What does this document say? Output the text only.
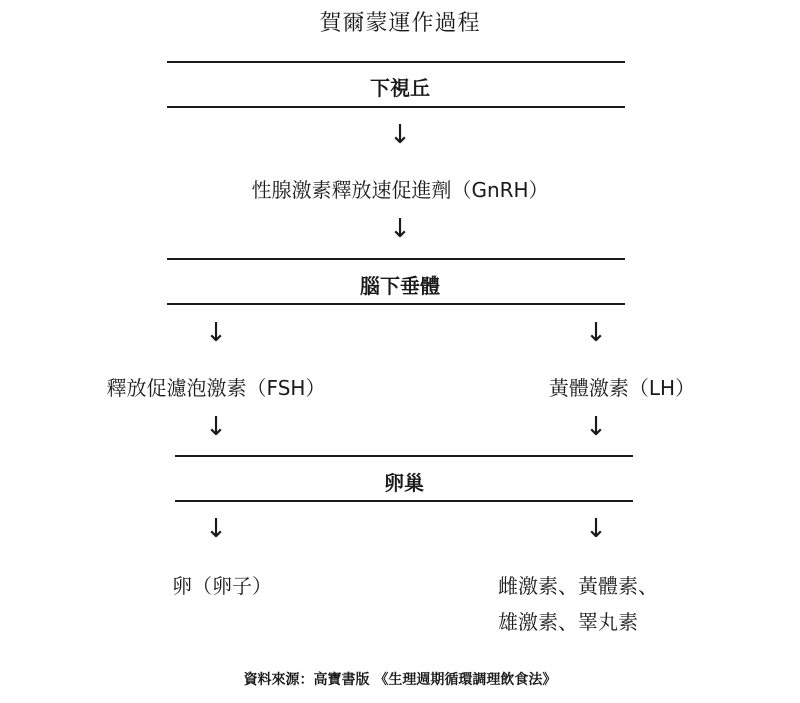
賀爾蒙運作過程
下視丘
↓
性腺激素釋放速促進劑（GnRH）
↓
腦下垂體
↓	↓
釋放促濾泡激素（FSH）	黃體激素（LH）
↓	↓
卵巢
↓	↓
卵（卵子）	雌激素、黃體素、
雄激素、睪丸素
資料來源：高寶書版 《生理週期循環調理飲食法》
